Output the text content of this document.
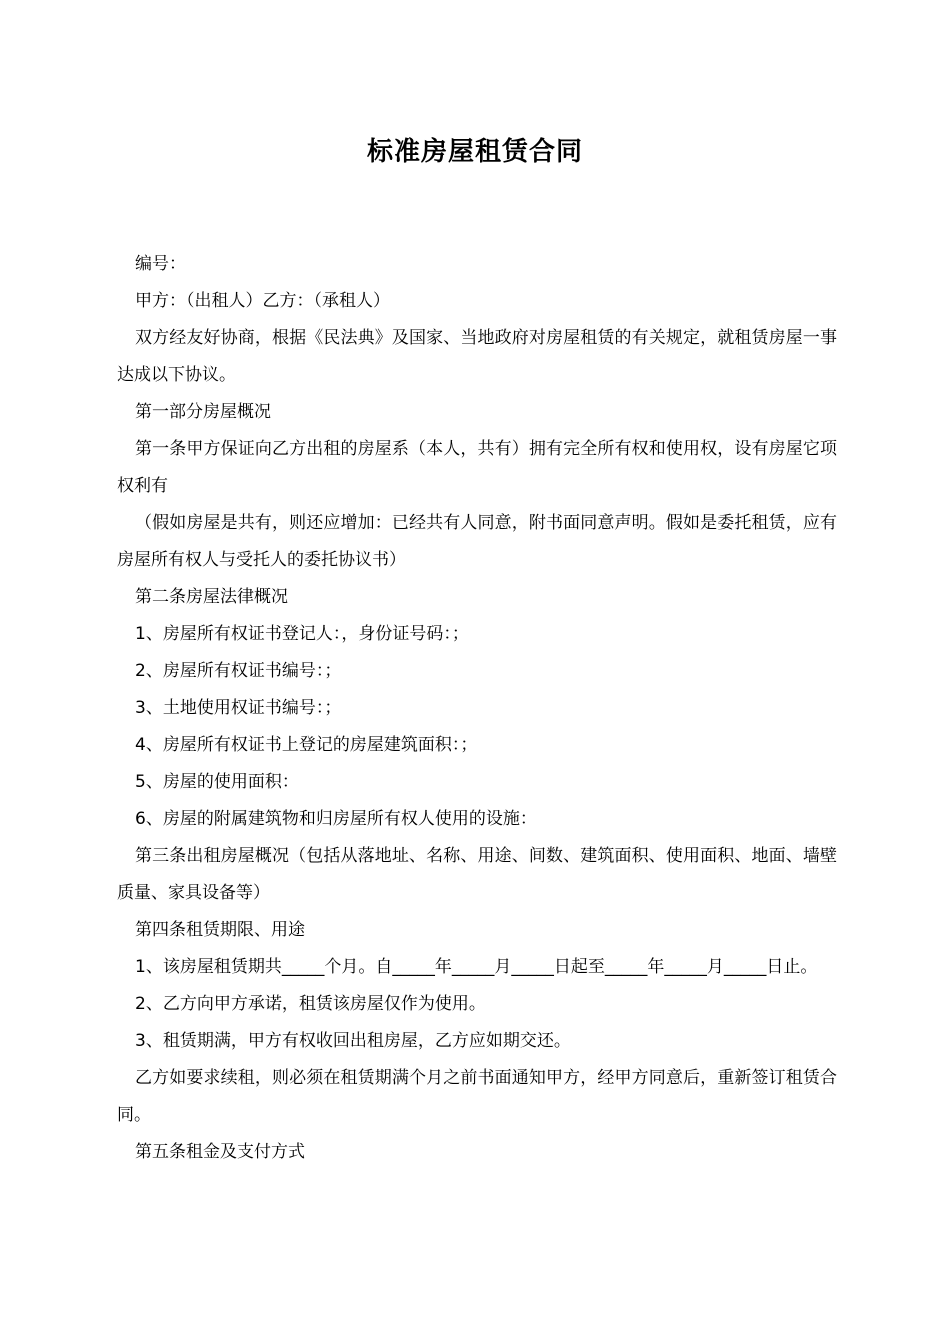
标准房屋租赁合同

编号：

甲方：（出租人）乙方：（承租人）

双方经友好协商，根据《民法典》及国家、当地政府对房屋租赁的有关规定，就租赁房屋一事达成以下协议。

第一部分房屋概况

第一条甲方保证向乙方出租的房屋系（本人，共有）拥有完全所有权和使用权，设有房屋它项权利有

（假如房屋是共有，则还应增加：已经共有人同意，附书面同意声明。假如是委托租赁，应有房屋所有权人与受托人的委托协议书）

第二条房屋法律概况

1、房屋所有权证书登记人：，身份证号码：；

2、房屋所有权证书编号：；

3、土地使用权证书编号：；

4、房屋所有权证书上登记的房屋建筑面积：；

5、房屋的使用面积：

6、房屋的附属建筑物和归房屋所有权人使用的设施：

第三条出租房屋概况（包括从落地址、名称、用途、间数、建筑面积、使用面积、地面、墙壁质量、家具设备等）

第四条租赁期限、用途

1、该房屋租赁期共_____个月。自_____年_____月_____日起至_____年_____月_____日止。

2、乙方向甲方承诺，租赁该房屋仅作为使用。

3、租赁期满，甲方有权收回出租房屋，乙方应如期交还。

乙方如要求续租，则必须在租赁期满个月之前书面通知甲方，经甲方同意后，重新签订租赁合同。

第五条租金及支付方式
